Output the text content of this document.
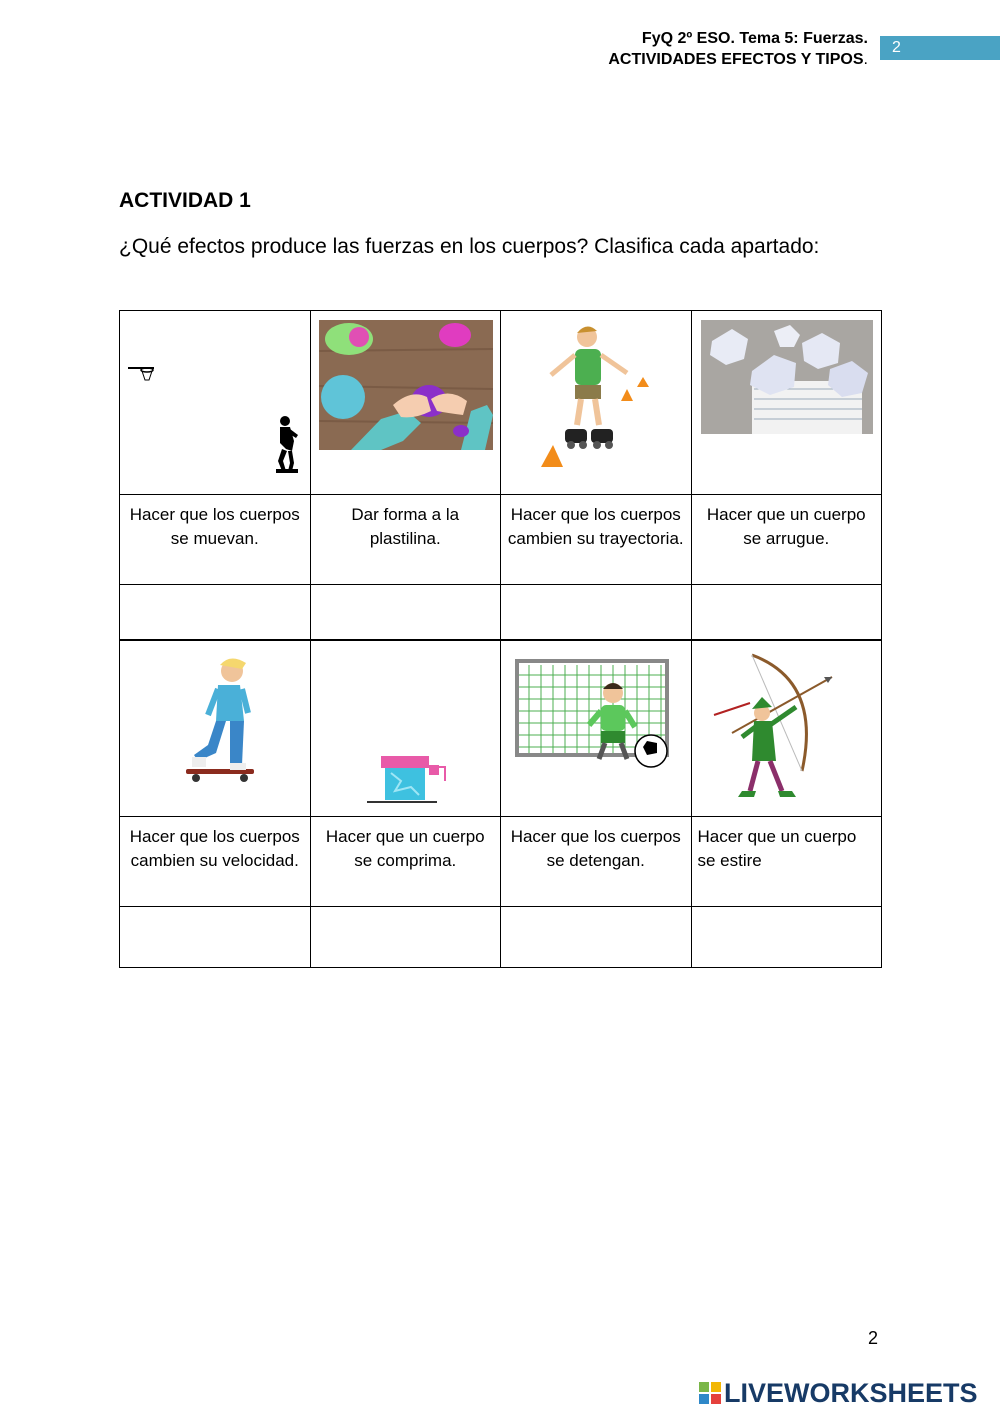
FyQ 2º ESO. Tema 5: Fuerzas.
ACTIVIDADES EFECTOS Y TIPOS.
2
ACTIVIDAD 1
¿Qué efectos produce las fuerzas en los cuerpos? Clasifica cada apartado:

Hacer que los cuerpos se muevan.	Dar forma a la plastilina.	Hacer que los cuerpos cambien su trayectoria.	Hacer que un cuerpo se arrugue.

Hacer que los cuerpos cambien su velocidad.	Hacer que un cuerpo se comprima.	Hacer que los cuerpos se detengan.	Hacer que un cuerpo se estire

2
LIVEWORKSHEETS
